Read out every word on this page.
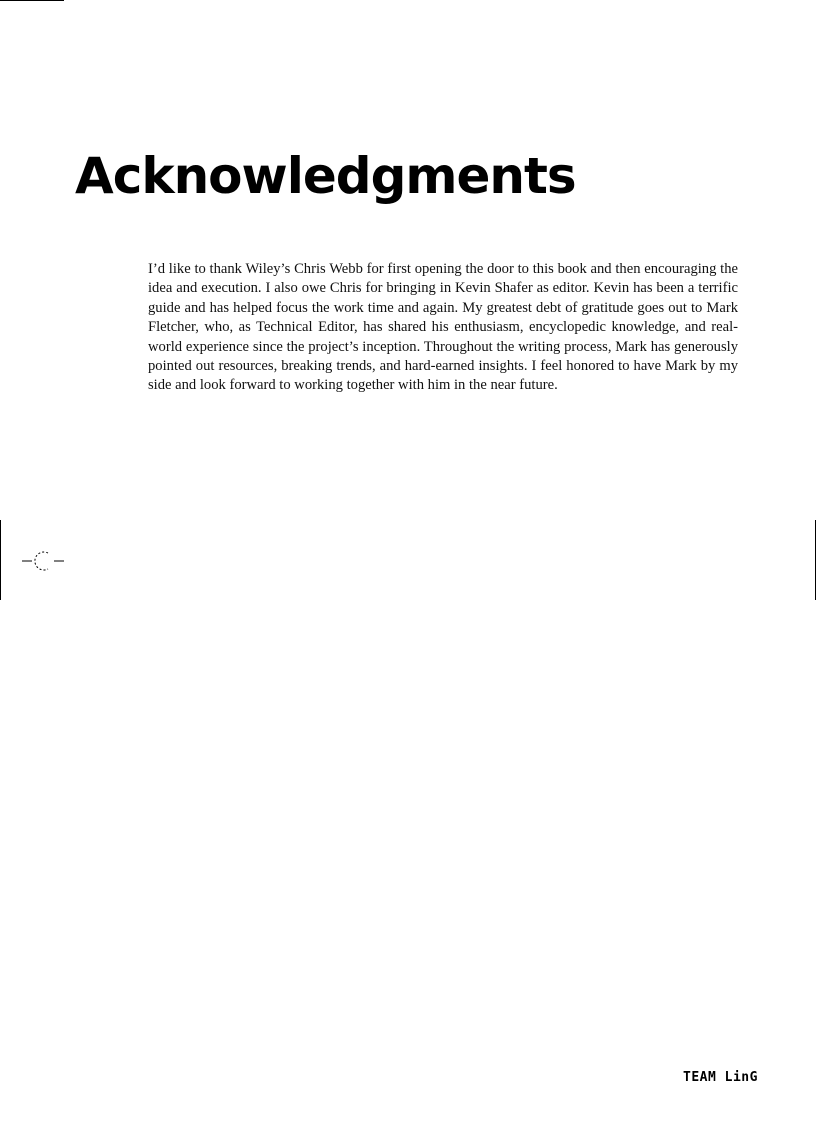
Acknowledgments

I’d like to thank Wiley’s Chris Webb for first opening the door to this book and then encouraging the idea and execution. I also owe Chris for bringing in Kevin Shafer as editor. Kevin has been a terrific guide and has helped focus the work time and again. My greatest debt of gratitude goes out to Mark Fletcher, who, as Technical Editor, has shared his enthusiasm, encyclopedic knowledge, and real-world experience since the project’s inception. Throughout the writing process, Mark has generously pointed out resources, breaking trends, and hard-earned insights. I feel honored to have Mark by my side and look forward to working together with him in the near future.

TEAM LinG
